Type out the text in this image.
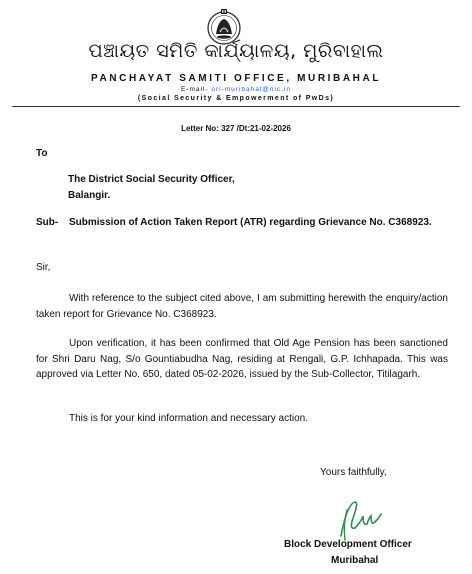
ପଞ୍ଚାୟତ ସମିତି କାର୍ଯ୍ୟାଳୟ, ମୁରିବାହାଲ
PANCHAYAT SAMITI OFFICE, MURIBAHAL
E-mail- ori-muribahal@nic.in
(Social Security & Empowerment of PwDs)
Letter No: 327 /Dt:21-02-2026
To
The District Social Security Officer,
Balangir.
Sub- Submission of Action Taken Report (ATR) regarding Grievance No. C368923.
Sir,
With reference to the subject cited above, I am submitting herewith the enquiry/action taken report for Grievance No. C368923.
Upon verification, it has been confirmed that Old Age Pension has been sanctioned for Shri Daru Nag, S/o Gountiabudha Nag, residing at Rengali, G.P. Ichhapada. This was approved via Letter No. 650, dated 05-02-2026, issued by the Sub-Collector, Titilagarh.
This is for your kind information and necessary action.
Yours faithfully,
Block Development Officer
Muribahal
